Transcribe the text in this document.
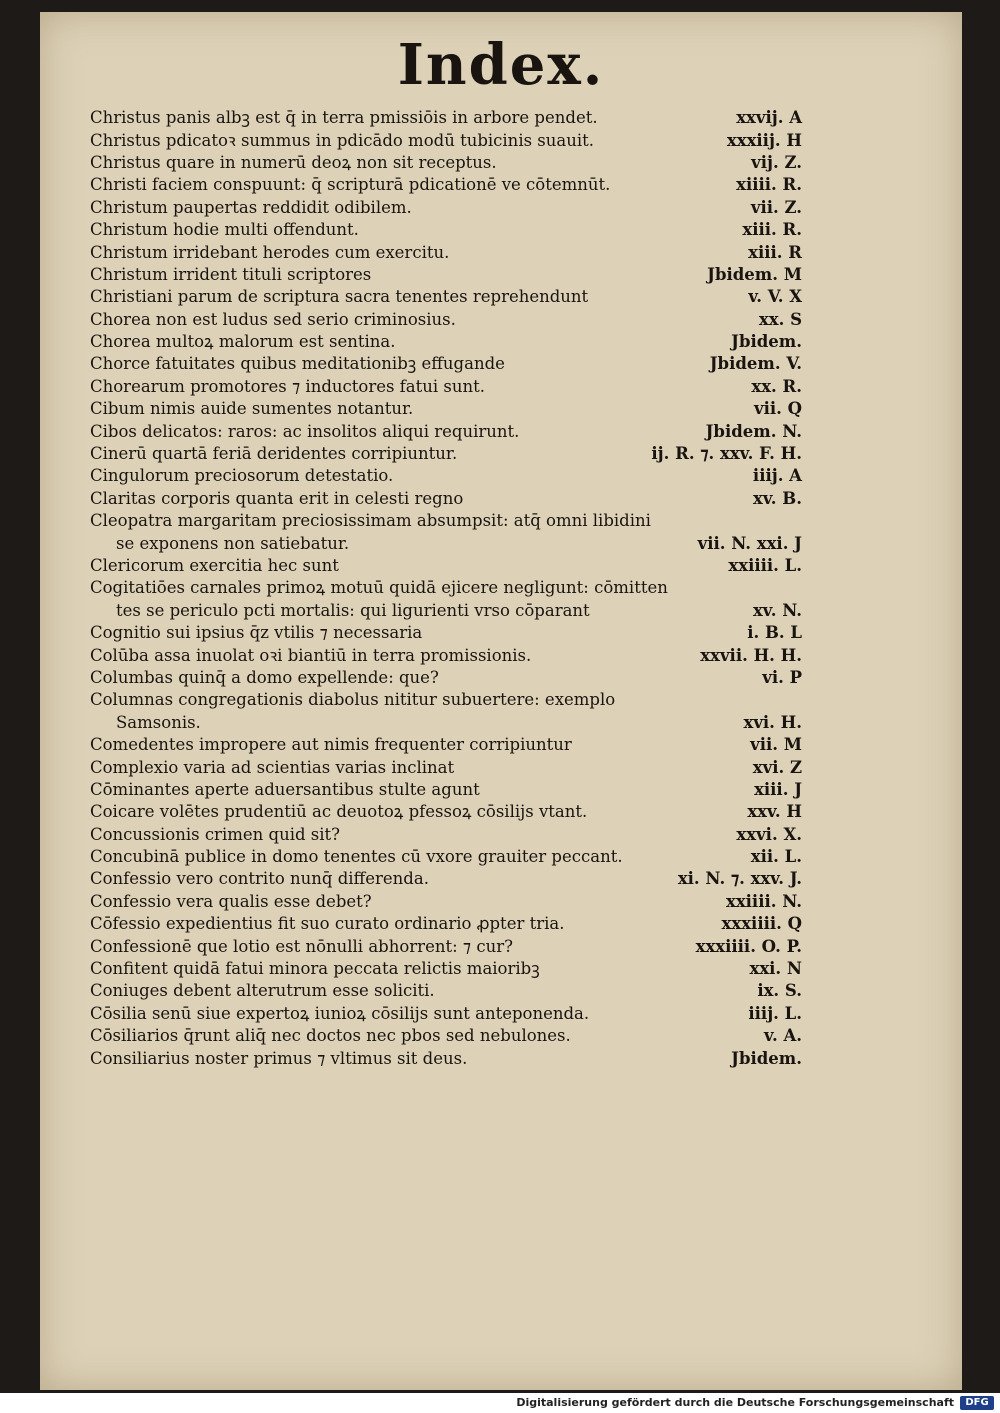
Index.
Christus panis albꝫ est q̄ in terra pmissiōis in arbore pendet.	xxvij. A
Christus pdicatoꝛ summus in pdicādo modū tubicinis suauit.	xxxiij. H
Christus quare in numerū deoꝝ non sit receptus.	vij. Z.
Christi faciem conspuunt: q̄ scripturā pdicationē ve cōtemnūt.	xiiii. R.
Christum paupertas reddidit odibilem.	vii. Z.
Christum hodie multi offendunt.	xiii. R.
Christum irridebant herodes cum exercitu.	xiii. R
Christum irrident tituli scriptores	Jbidem. M
Christiani parum de scriptura sacra tenentes reprehendunt	v. V. X
Chorea non est ludus sed serio criminosius.	xx. S
Chorea multoꝝ malorum est sentina.	Jbidem.
Chorce fatuitates quibus meditationibꝫ effugande	Jbidem. V.
Chorearum promotores ⁊ inductores fatui sunt.	xx. R.
Cibum nimis auide sumentes notantur.	vii. Q
Cibos delicatos: raros: ac insolitos aliqui requirunt.	Jbidem. N.
Cinerū quartā feriā deridentes corripiuntur.	ij. R. ⁊. xxv. F. H.
Cingulorum preciosorum detestatio.	iiij. A
Claritas corporis quanta erit in celesti regno	xv. B.
Cleopatra margaritam preciosissimam absumpsit: atq̄ omni libidini
se exponens non satiebatur.	vii. N. xxi. J
Clericorum exercitia hec sunt	xxiiii. L.
Cogitatiōes carnales primoꝝ motuū quidā ejicere negligunt: cōmitten
tes se periculo pcti mortalis: qui ligurienti vrso cōparant	xv. N.
Cognitio sui ipsius q̄z vtilis ⁊ necessaria	i. B. L
Colūba assa inuolat oꝛi biantiū in terra promissionis.	xxvii. H. H.
Columbas quinq̄ a domo expellende: que?	vi. P
Columnas congregationis diabolus nititur subuertere: exemplo
Samsonis.	xvi. H.
Comedentes impropere aut nimis frequenter corripiuntur	vii. M
Complexio varia ad scientias varias inclinat	xvi. Z
Cōminantes aperte aduersantibus stulte agunt	xiii. J
Coicare volētes prudentiū ac deuotoꝝ pfessoꝝ cōsilijs vtant.	xxv. H
Concussionis crimen quid sit?	xxvi. X.
Concubinā publice in domo tenentes cū vxore grauiter peccant.	xii. L.
Confessio vero contrito nunq̄ differenda.	xi. N. ⁊. xxv. J.
Confessio vera qualis esse debet?	xxiiii. N.
Cōfessio expedientius fit suo curato ordinario ꝓpter tria.	xxxiiii. Q
Confessionē que lotio est nōnulli abhorrent: ⁊ cur?	xxxiiii. O. P.
Confitent quidā fatui minora peccata relictis maioribꝫ	xxi. N
Coniuges debent alterutrum esse soliciti.	ix. S.
Cōsilia senū siue expertoꝝ iunioꝝ cōsilijs sunt anteponenda.	iiij. L.
Cōsiliarios q̄runt aliq̄ nec doctos nec pbos sed nebulones.	v. A.
Consiliarius noster primus ⁊ vltimus sit deus.	Jbidem.
Digitalisierung gefördert durch die Deutsche Forschungsgemeinschaft	DFG
